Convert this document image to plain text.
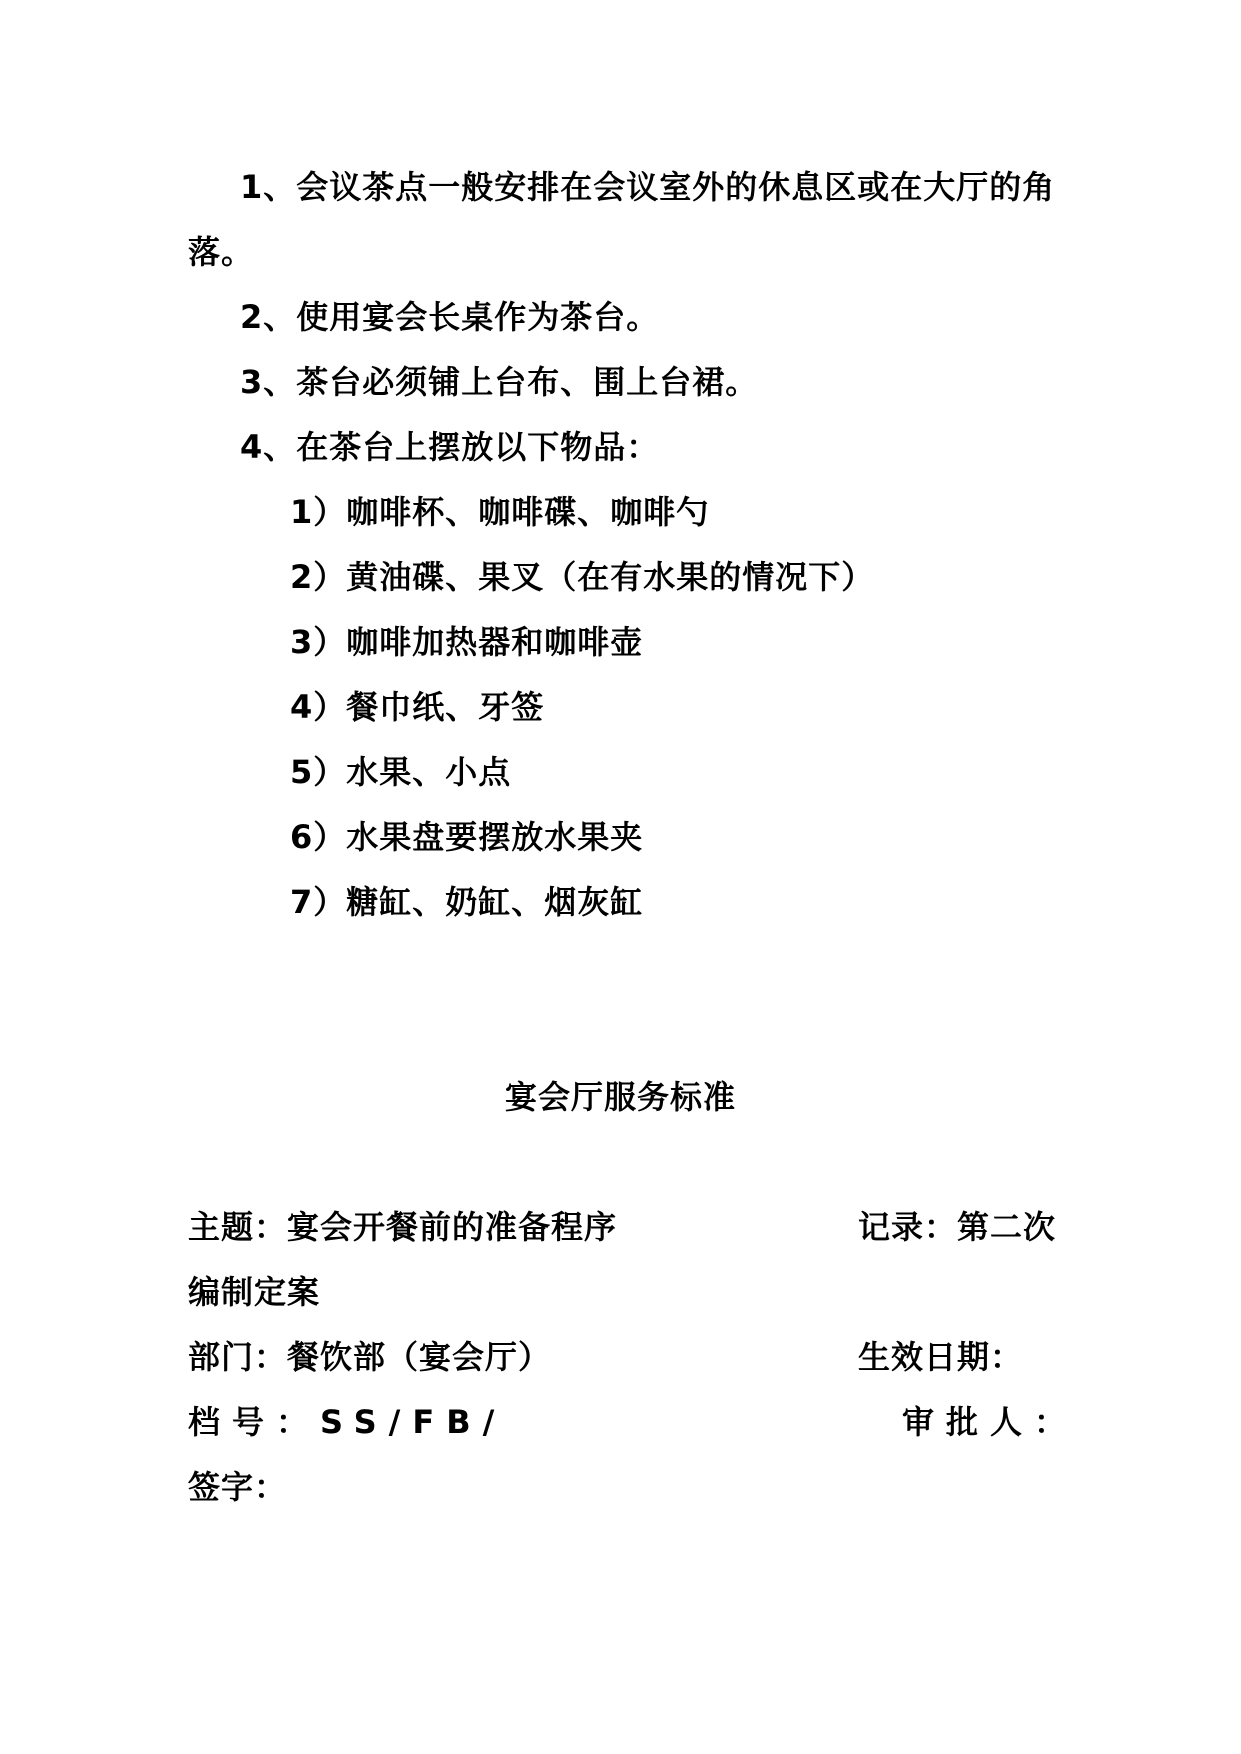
1、会议茶点一般安排在会议室外的休息区或在大厅的角
落。
2、使用宴会长桌作为茶台。
3、茶台必须铺上台布、围上台裙。
4、在茶台上摆放以下物品：
1）咖啡杯、咖啡碟、咖啡勺
2）黄油碟、果叉（在有水果的情况下）
3）咖啡加热器和咖啡壶
4）餐巾纸、牙签
5）水果、小点
6）水果盘要摆放水果夹
7）糖缸、奶缸、烟灰缸
宴会厅服务标准
主题：宴会开餐前的准备程序	记录：第二次
编制定案
部门：餐饮部（宴会厅）	生效日期：
档号：SS/FB/	审批人：
签字：
